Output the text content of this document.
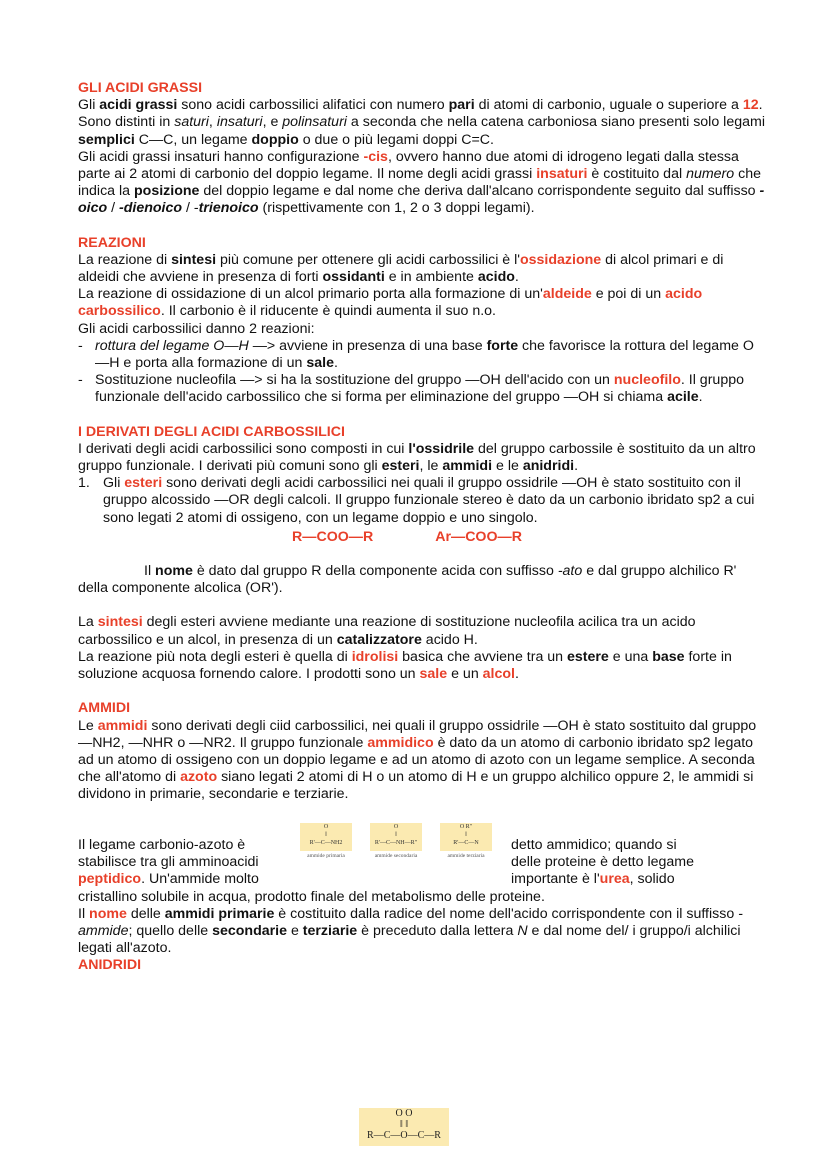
GLI ACIDI GRASSI

Gli acidi grassi sono acidi carbossilici alifatici con numero pari di atomi di carbonio, uguale o superiore a 12. Sono distinti in saturi, insaturi, e polinsaturi a seconda che nella catena carboniosa siano presenti solo legami semplici C—C, un legame doppio o due o più legami doppi C=C.

Gli acidi grassi insaturi hanno configurazione -cis, ovvero hanno due atomi di idrogeno legati dalla stessa parte ai 2 atomi di carbonio del doppio legame. Il nome degli acidi grassi insaturi è costituito dal numero che indica la posizione del doppio legame e dal nome che deriva dall'alcano corrispondente seguito dal suffisso -oico / -dienoico / -trienoico (rispettivamente con 1, 2 o 3 doppi legami).

REAZIONI

La reazione di sintesi più comune per ottenere gli acidi carbossilici è l'ossidazione di alcol primari e di aldeidi che avviene in presenza di forti ossidanti e in ambiente acido.

La reazione di ossidazione di un alcol primario porta alla formazione di un'aldeide e poi di un acido carbossilico. Il carbonio è il riducente è quindi aumenta il suo n.o.

Gli acidi carbossilici danno 2 reazioni:

- rottura del legame O—H —> avviene in presenza di una base forte che favorisce la rottura del legame O —H e porta alla formazione di un sale.

- Sostituzione nucleofila —> si ha la sostituzione del gruppo —OH dell'acido con un nucleofilo. Il gruppo funzionale dell'acido carbossilico che si forma per eliminazione del gruppo —OH si chiama acile.

I DERIVATI DEGLI ACIDI CARBOSSILICI

I derivati degli acidi carbossilici sono composti in cui l'ossidrile del gruppo carbossile è sostituito da un altro gruppo funzionale. I derivati più comuni sono gli esteri, le ammidi e le anidridi.

1. Gli esteri sono derivati degli acidi carbossilici nei quali il gruppo ossidrile —OH è stato sostituito con il gruppo alcossido —OR degli calcoli. Il gruppo funzionale stereo è dato da un carbonio ibridato sp2 a cui sono legati 2 atomi di ossigeno, con un legame doppio e uno singolo.

R—COO—R	Ar—COO—R

Il nome è dato dal gruppo R della componente acida con suffisso -ato e dal gruppo alchilico R' della componente alcolica (OR').

La sintesi degli esteri avviene mediante una reazione di sostituzione nucleofila acilica tra un acido carbossilico e un alcol, in presenza di un catalizzatore acido H.

La reazione più nota degli esteri è quella di idrolisi basica che avviene tra un estere e una base forte in soluzione acquosa fornendo calore. I prodotti sono un sale e un alcol.

AMMIDI

Le ammidi sono derivati degli ciid carbossilici, nei quali il gruppo ossidrile —OH è stato sostituito dal gruppo —NH2, —NHR o —NR2. Il gruppo funzionale ammidico è dato da un atomo di carbonio ibridato sp2 legato ad un atomo di ossigeno con un doppio legame e ad un atomo di azoto con un legame semplice. A seconda che all'atomo di azoto siano legati 2 atomi di H o un atomo di H e un gruppo alchilico oppure 2, le ammidi si dividono in primarie, secondarie e terziarie.

Il legame carbonio-azoto è

stabilisce tra gli amminoacidi

peptidico. Un'ammide molto

O
‖
R'—C—NH2
ammide primaria
O
‖
R'—C—NH—R"
ammide secondaria
O R"
‖
R'—C—N
ammide terziaria

detto ammidico; quando si

delle proteine è detto legame

importante è l'urea, solido

cristallino solubile in acqua, prodotto finale del metabolismo delle proteine.

Il nome delle ammidi primarie è costituito dalla radice del nome dell'acido corrispondente con il suffisso -ammide; quello delle secondarie e terziarie è preceduto dalla lettera N e dal nome del/ i gruppo/i alchilici legati all'azoto.

ANIDRIDI

O O
‖ ‖
R—C—O—C—R
